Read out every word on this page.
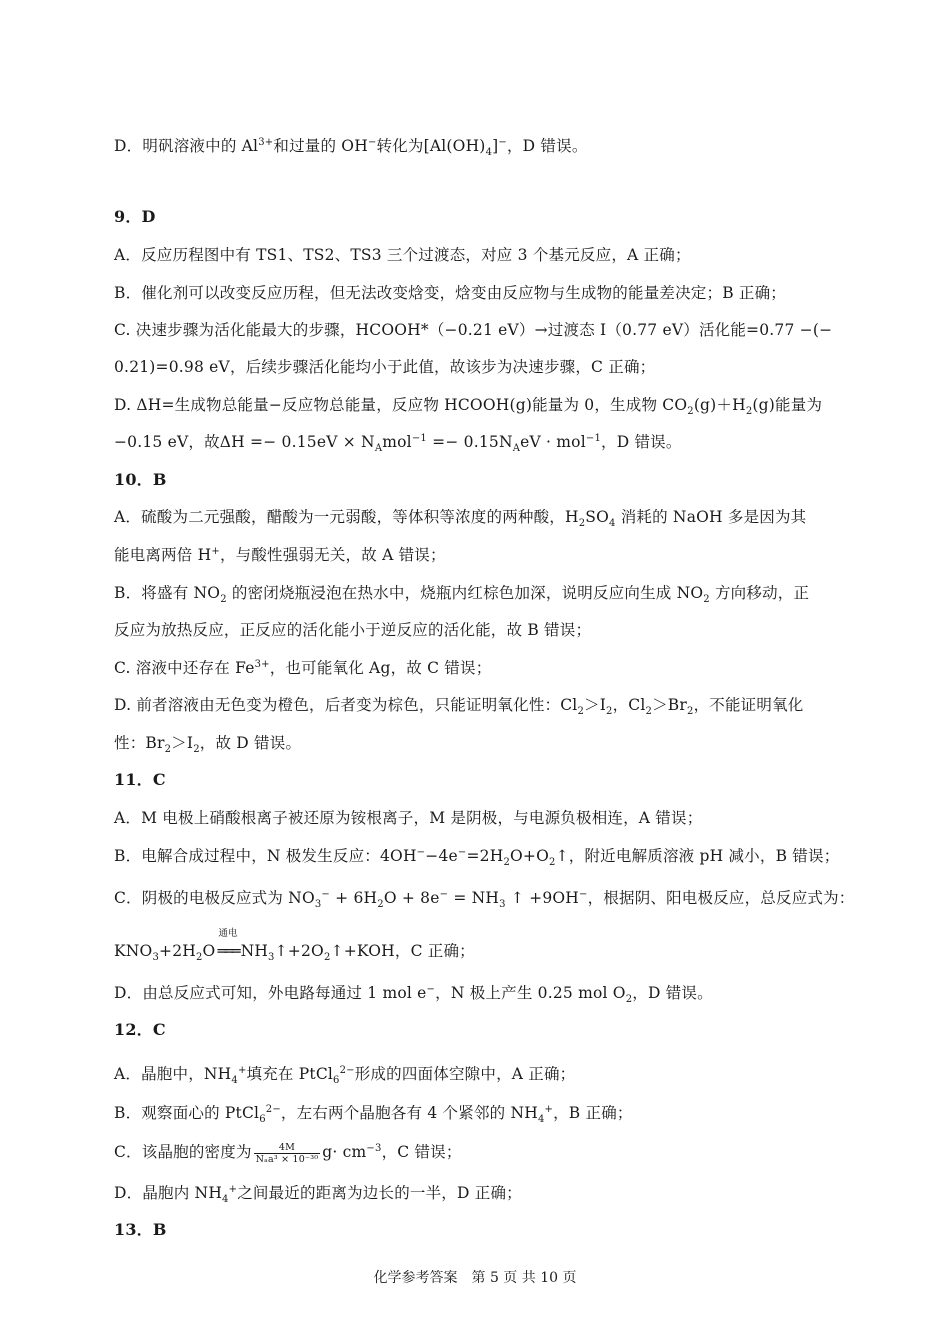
D．明矾溶液中的 $Al^{3+}$和过量的 OH−转化为$[Al(OH)_4]^-$，D 错误。
9．D
A．反应历程图中有 TS1、TS2、TS3 三个过渡态，对应 3 个基元反应，A 正确；
B．催化剂可以改变反应历程，但无法改变焓变，焓变由反应物与生成物的能量差决定；B 正确；
C. 决速步骤为活化能最大的步骤，HCOOH*（−0.21 eV）→过渡态 I（0.77 eV）活化能=0.77 −(−
0.21)=0.98 eV，后续步骤活化能均小于此值，故该步为决速步骤，C 正确；
D. ΔH=生成物总能量−反应物总能量，反应物 HCOOH(g)能量为 0，生成物 $CO_2(g)+H_2(g)$能量为
−0.15 eV，故$\Delta H =- 0.15eV \times N_Amol^{-1} =- 0.15N_AeV \cdot mol^{-1}$，D 错误。
10．B
A．硫酸为二元强酸，醋酸为一元弱酸，等体积等浓度的两种酸，$H_2SO_4$ 消耗的 NaOH 多是因为其
能电离两倍 H+，与酸性强弱无关，故 A 错误；
B．将盛有 $NO_2$ 的密闭烧瓶浸泡在热水中，烧瓶内红棕色加深，说明反应向生成 $NO_2$ 方向移动，正
反应为放热反应，正反应的活化能小于逆反应的活化能，故 B 错误；
C. 溶液中还存在 $Fe^{3+}$，也可能氧化 Ag，故 C 错误；
D. 前者溶液由无色变为橙色，后者变为棕色，只能证明氧化性：$Cl_2>I_2$，$Cl_2>Br_2$，不能证明氧化
性：$Br_2>I_2$，故 D 错误。
11．C
A．M 电极上硝酸根离子被还原为铵根离子，M 是阴极，与电源负极相连，A 错误；
B．电解合成过程中，N 极发生反应：$4OH^--4e^-=2H_2O+O_2↑$，附近电解质溶液 pH 减小，B 错误；
C．阴极的电极反应式为 $NO_3^- + 6H_2O + 8e^- = NH_3$ ↑ +9OH−，根据阴、阳电极反应，总反应式为：
$KNO_3+2H_2O$
通电
═══ $NH_3↑+2O_2↑+KOH$，C 正确；
D．由总反应式可知，外电路每通过 1 mol e−，N 极上产生 0.25 mol $O_2$，D 错误。
12．C
A．晶胞中，$NH_4^+$填充在 PtCl$_6^{2-}$形成的四面体空隙中，A 正确；
B．观察面心的 PtCl$_6^{2-}$，左右两个晶胞各有 4 个紧邻的 $NH_4^+$，B 正确；
C．该晶胞的密度为 $\frac{4M}{\text{Nₐa³ × 10⁻³⁰}} g\cdot cm^{-3}$，C 错误；
D．晶胞内 $NH_4^+$之间最近的距离为边长的一半，D 正确；
13．B
化学参考答案　第 5 页 共 10 页
